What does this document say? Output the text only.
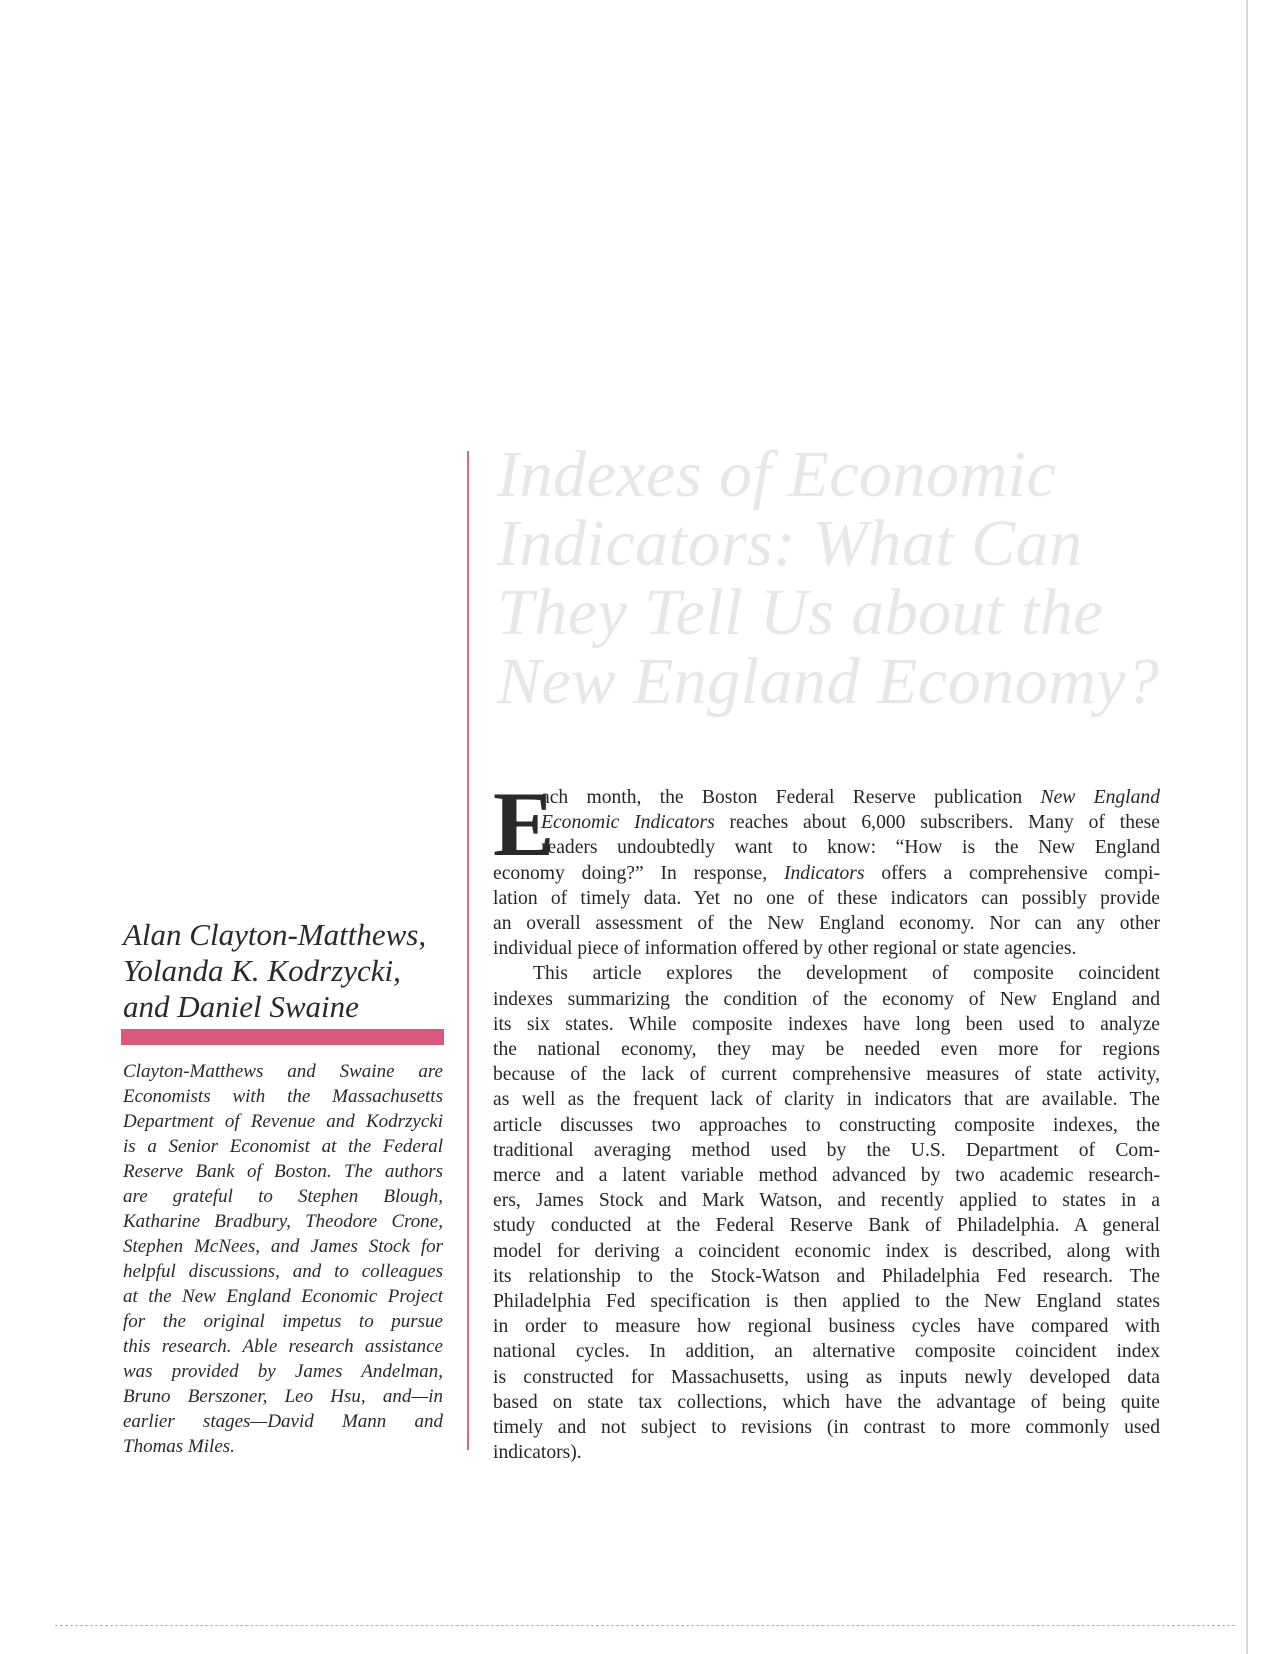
Indexes of Economic
Indicators: What Can
They Tell Us about the
New England Economy?
Alan Clayton-Matthews,
Yolanda K. Kodrzycki,
and Daniel Swaine
Clayton-Matthews and Swaine are
Economists with the Massachusetts
Department of Revenue and Kodrzycki
is a Senior Economist at the Federal
Reserve Bank of Boston. The authors
are grateful to Stephen Blough,
Katharine Bradbury, Theodore Crone,
Stephen McNees, and James Stock for
helpful discussions, and to colleagues
at the New England Economic Project
for the original impetus to pursue
this research. Able research assistance
was provided by James Andelman,
Bruno Berszoner, Leo Hsu, and—in
earlier stages—David Mann and
Thomas Miles.
E
ach month, the Boston Federal Reserve publication New England
Economic Indicators reaches about 6,000 subscribers. Many of these
readers undoubtedly want to know: “How is the New England
economy doing?” In response, Indicators offers a comprehensive compi-
lation of timely data. Yet no one of these indicators can possibly provide
an overall assessment of the New England economy. Nor can any other
individual piece of information offered by other regional or state agencies.
This article explores the development of composite coincident
indexes summarizing the condition of the economy of New England and
its six states. While composite indexes have long been used to analyze
the national economy, they may be needed even more for regions
because of the lack of current comprehensive measures of state activity,
as well as the frequent lack of clarity in indicators that are available. The
article discusses two approaches to constructing composite indexes, the
traditional averaging method used by the U.S. Department of Com-
merce and a latent variable method advanced by two academic research-
ers, James Stock and Mark Watson, and recently applied to states in a
study conducted at the Federal Reserve Bank of Philadelphia. A general
model for deriving a coincident economic index is described, along with
its relationship to the Stock-Watson and Philadelphia Fed research. The
Philadelphia Fed specification is then applied to the New England states
in order to measure how regional business cycles have compared with
national cycles. In addition, an alternative composite coincident index
is constructed for Massachusetts, using as inputs newly developed data
based on state tax collections, which have the advantage of being quite
timely and not subject to revisions (in contrast to more commonly used
indicators).
